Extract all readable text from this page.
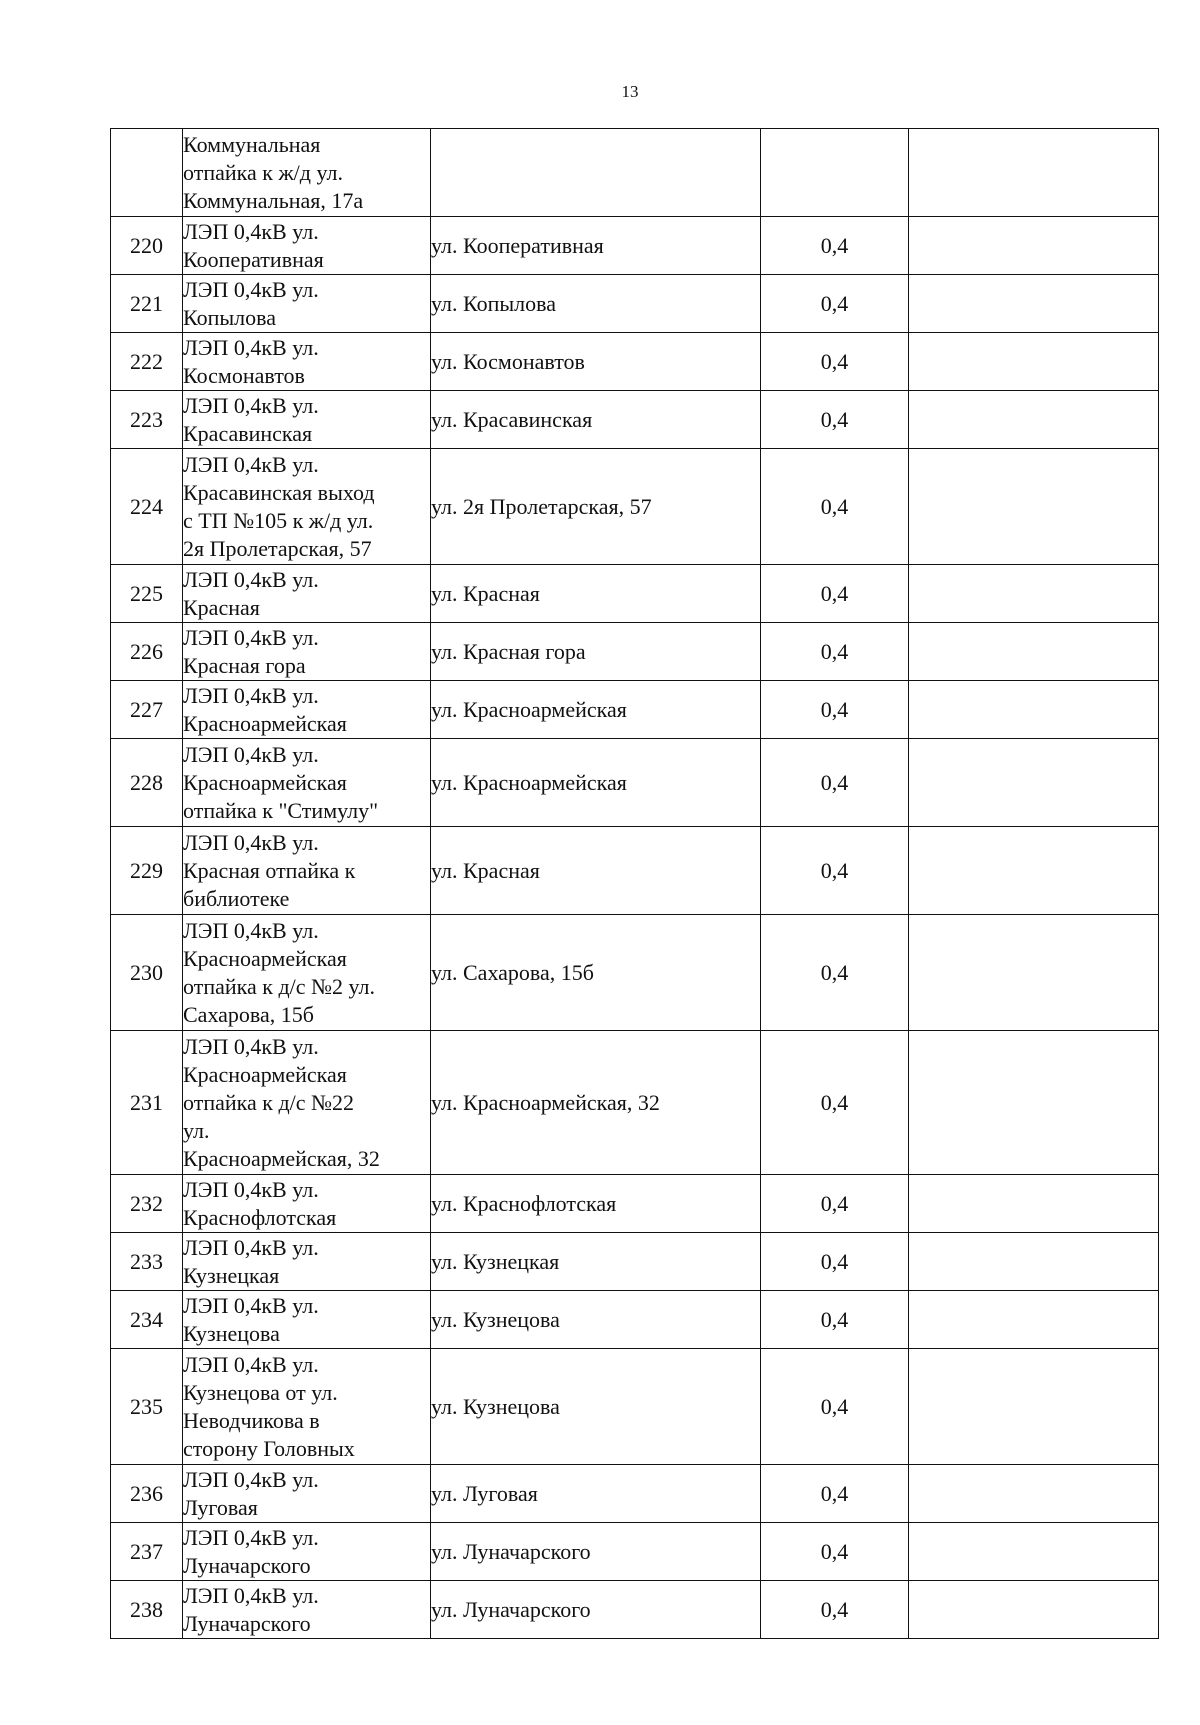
13

	Коммунальная
отпайка к ж/д ул.
Коммунальная, 17а			

220	ЛЭП 0,4кВ ул.
Кооперативная	ул. Кооперативная	0,4	
221	ЛЭП 0,4кВ ул.
Копылова	ул. Копылова	0,4	
222	ЛЭП 0,4кВ ул.
Космонавтов	ул. Космонавтов	0,4	
223	ЛЭП 0,4кВ ул.
Красавинская	ул. Красавинская	0,4	
224	ЛЭП 0,4кВ ул.
Красавинская выход
с ТП №105 к ж/д ул.
2я Пролетарская, 57	ул. 2я Пролетарская, 57	0,4	
225	ЛЭП 0,4кВ ул.
Красная	ул. Красная	0,4	
226	ЛЭП 0,4кВ ул.
Красная гора	ул. Красная гора	0,4	
227	ЛЭП 0,4кВ ул.
Красноармейская	ул. Красноармейская	0,4	
228	ЛЭП 0,4кВ ул.
Красноармейская
отпайка к "Стимулу"	ул. Красноармейская	0,4	
229	ЛЭП 0,4кВ ул.
Красная отпайка к
библиотеке	ул. Красная	0,4	
230	ЛЭП 0,4кВ ул.
Красноармейская
отпайка к д/с №2 ул.
Сахарова, 15б	ул. Сахарова, 15б	0,4	
231	ЛЭП 0,4кВ ул.
Красноармейская
отпайка к д/с №22
ул.
Красноармейская, 32	ул. Красноармейская, 32	0,4	
232	ЛЭП 0,4кВ ул.
Краснофлотская	ул. Краснофлотская	0,4	
233	ЛЭП 0,4кВ ул.
Кузнецкая	ул. Кузнецкая	0,4	
234	ЛЭП 0,4кВ ул.
Кузнецова	ул. Кузнецова	0,4	
235	ЛЭП 0,4кВ ул.
Кузнецова от ул.
Неводчикова в
сторону Головных	ул. Кузнецова	0,4	
236	ЛЭП 0,4кВ ул.
Луговая	ул. Луговая	0,4	
237	ЛЭП 0,4кВ ул.
Луначарского	ул. Луначарского	0,4	
238	ЛЭП 0,4кВ ул.
Луначарского	ул. Луначарского	0,4	
